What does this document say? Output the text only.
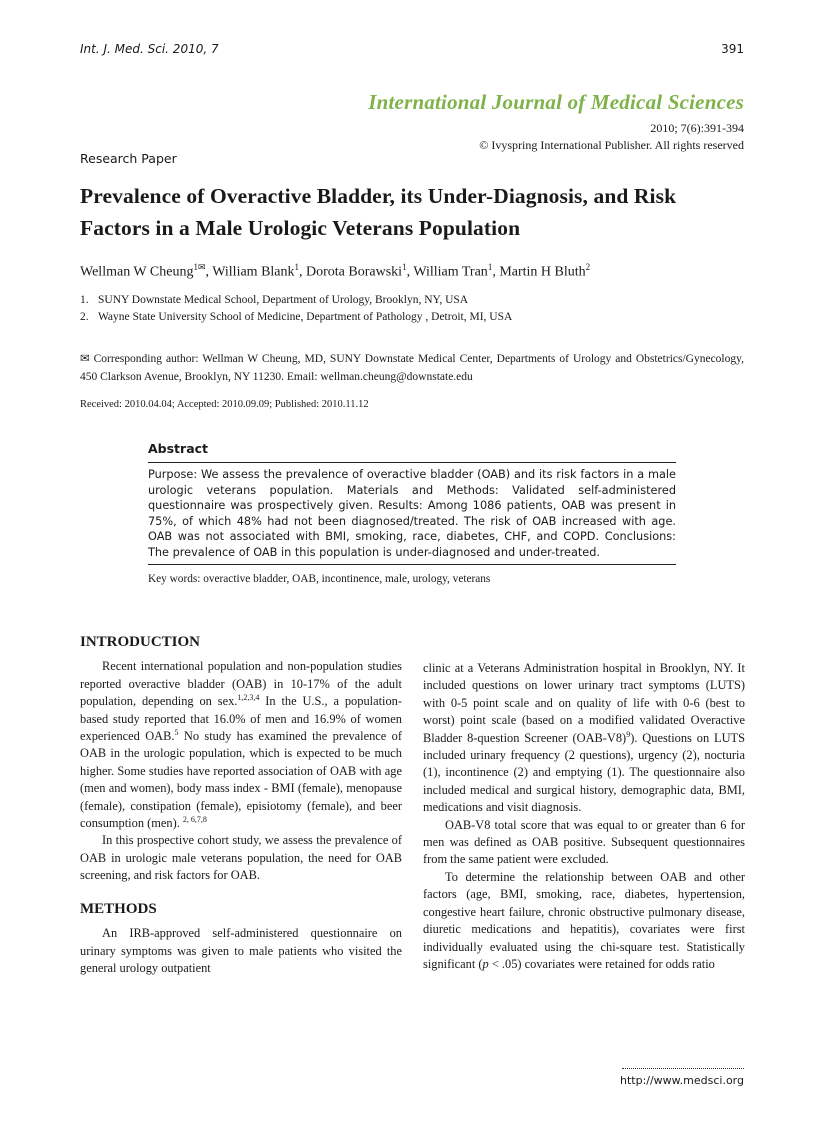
Int. J. Med. Sci. 2010, 7	391
International Journal of Medical Sciences
2010; 7(6):391-394
© Ivyspring International Publisher. All rights reserved
Research Paper
Prevalence of Overactive Bladder, its Under-Diagnosis, and Risk Factors in a Male Urologic Veterans Population
Wellman W Cheung$^{1✉}$, William Blank$^1$, Dorota Borawski$^1$, William Tran$^1$, Martin H Bluth$^2$
1. SUNY Downstate Medical School, Department of Urology, Brooklyn, NY, USA
2. Wayne State University School of Medicine, Department of Pathology , Detroit, MI, USA
✉ Corresponding author: Wellman W Cheung, MD, SUNY Downstate Medical Center, Departments of Urology and Obstetrics/Gynecology, 450 Clarkson Avenue, Brooklyn, NY 11230. Email: wellman.cheung@downstate.edu
Received: 2010.04.04; Accepted: 2010.09.09; Published: 2010.11.12
Abstract
Purpose: We assess the prevalence of overactive bladder (OAB) and its risk factors in a male urologic veterans population. Materials and Methods: Validated self-administered questionnaire was prospectively given. Results: Among 1086 patients, OAB was present in 75%, of which 48% had not been diagnosed/treated. The risk of OAB increased with age. OAB was not associated with BMI, smoking, race, diabetes, CHF, and COPD. Conclusions: The prevalence of OAB in this population is under-diagnosed and under-treated.
Key words: overactive bladder, OAB, incontinence, male, urology, veterans
INTRODUCTION

Recent international population and non-population studies reported overactive bladder (OAB) in 10-17% of the adult population, depending on sex.$^{1,2,3,4}$ In the U.S., a population-based study reported that 16.0% of men and 16.9% of women experienced OAB.$^5$ No study has examined the prevalence of OAB in the urologic population, which is expected to be much higher. Some studies have reported association of OAB with age (men and women), body mass index - BMI (female), menopause (female), constipation (female), episiotomy (female), and beer consumption (men). $^{2, 6,7,8}$

In this prospective cohort study, we assess the prevalence of OAB in urologic male veterans population, the need for OAB screening, and risk factors for OAB.

METHODS

An IRB-approved self-administered questionnaire on urinary symptoms was given to male patients who visited the general urology outpatient

clinic at a Veterans Administration hospital in Brooklyn, NY. It included questions on lower urinary tract symptoms (LUTS) with 0-5 point scale and on quality of life with 0-6 (best to worst) point scale (based on a modified validated Overactive Bladder 8-question Screener $(OAB-V8)^9$). Questions on LUTS included urinary frequency (2 questions), urgency (2), nocturia (1), incontinence (2) and emptying (1). The questionnaire also included medical and surgical history, demographic data, BMI, medications and visit diagnosis.

OAB-V8 total score that was equal to or greater than 6 for men was defined as OAB positive. Subsequent questionnaires from the same patient were excluded.

To determine the relationship between OAB and other factors (age, BMI, smoking, race, diabetes, hypertension, congestive heart failure, chronic obstructive pulmonary disease, diuretic medications and hepatitis), covariates were first individually evaluated using the chi-square test. Statistically significant (p < .05) covariates were retained for odds ratio

http://www.medsci.org
